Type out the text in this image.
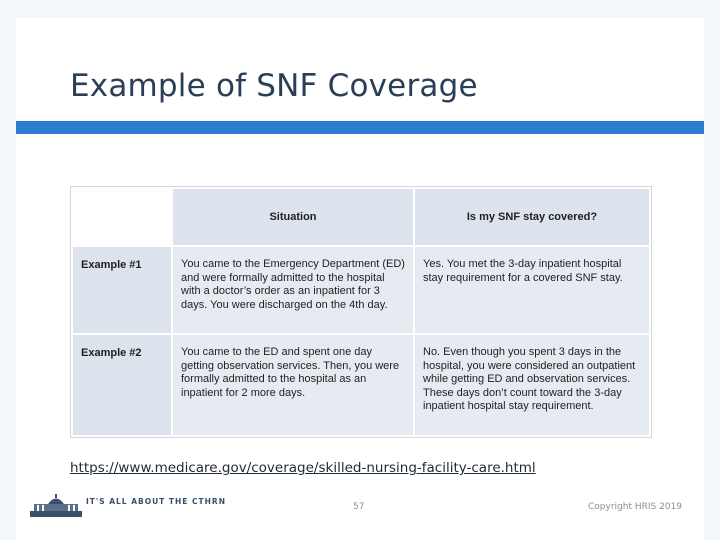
Example of SNF Coverage
	Situation	Is my SNF stay covered?
Example #1	You came to the Emergency Department (ED) and were formally admitted to the hospital with a doctor’s order as an inpatient for 3 days. You were discharged on the 4th day.	Yes. You met the 3-day inpatient hospital stay requirement for a covered SNF stay.
Example #2	You came to the ED and spent one day getting observation services. Then, you were formally admitted to the hospital as an inpatient for 2 more days.	No. Even though you spent 3 days in the hospital, you were considered an outpatient while getting ED and observation services. These days don’t count toward the 3-day inpatient hospital stay requirement.
https://www.medicare.gov/coverage/skilled-nursing-facility-care.html
IT'S ALL ABOUT THE CTHRN
57	Copyright HRIS 2019
